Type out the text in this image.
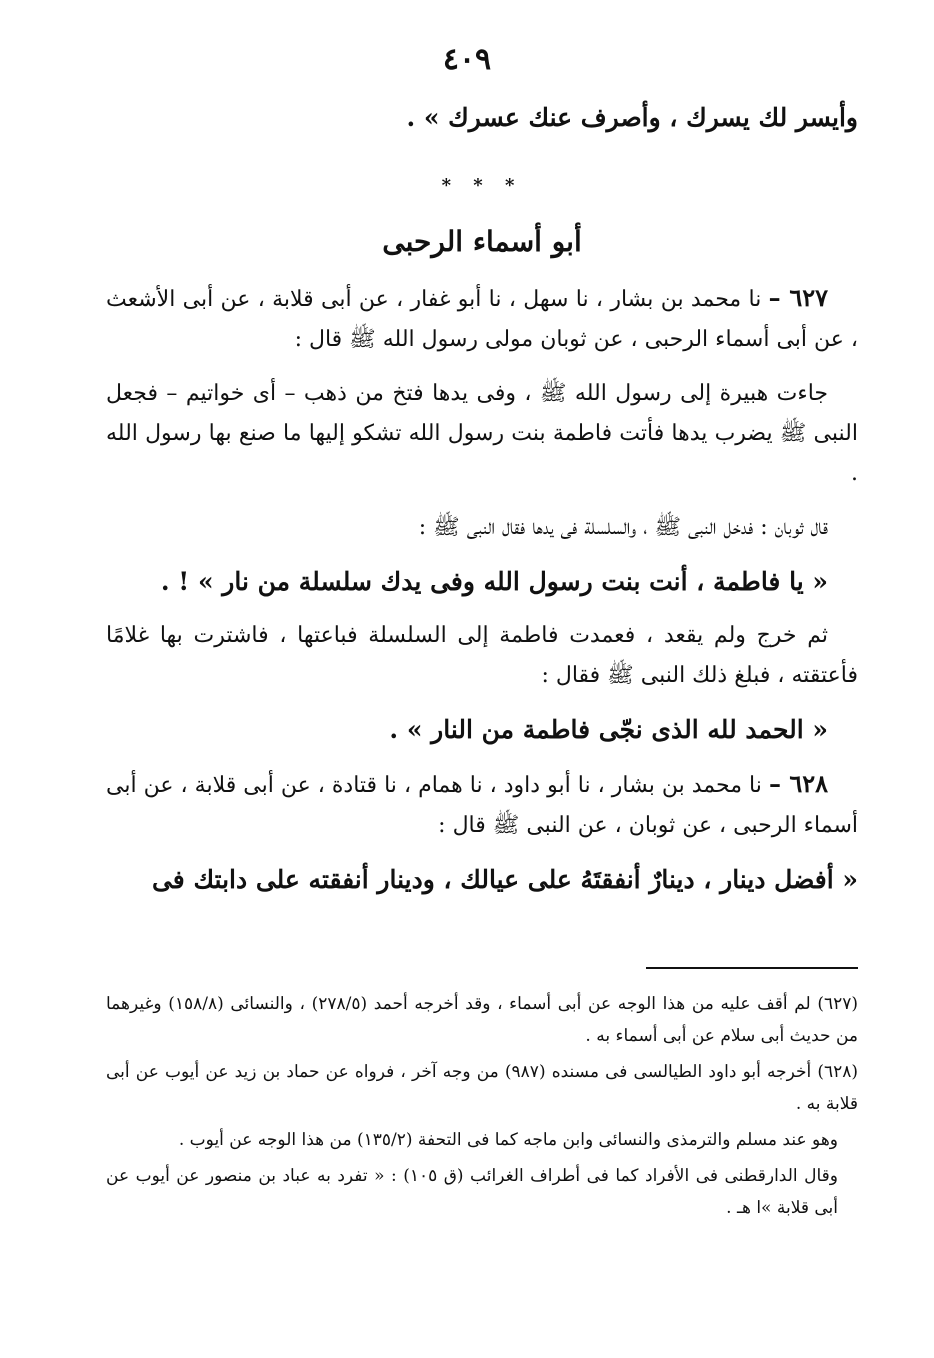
٤٠٩

وأيسر لك يسرك ، وأصرف عنك عسرك » .

* * *
أبو أسماء الرحبى

٦٢٧ – نا محمد بن بشار ، نا سهل ، نا أبو غفار ، عن أبى قلابة ، عن أبى الأشعث ، عن أبى أسماء الرحبى ، عن ثوبان مولى رسول الله ﷺ قال :

جاءت هبيرة إلى رسول الله ﷺ ، وفى يدها فتخ من ذهب – أى خواتيم – فجعل النبى ﷺ يضرب يدها فأتت فاطمة بنت رسول الله تشكو إليها ما صنع بها رسول الله .

قال ثوبان : فدخل النبى ﷺ ، والسلسلة فى يدها فقال النبى ﷺ :

« يا فاطمة ، أنت بنت رسول الله وفى يدك سلسلة من نار » ! .

ثم خرج ولم يقعد ، فعمدت فاطمة إلى السلسلة فباعتها ، فاشترت بها غلامًا فأعتقته ، فبلغ ذلك النبى ﷺ فقال :

« الحمد لله الذى نجّى فاطمة من النار » .

٦٢٨ – نا محمد بن بشار ، نا أبو داود ، نا همام ، نا قتادة ، عن أبى قلابة ، عن أبى أسماء الرحبى ، عن ثوبان ، عن النبى ﷺ قال :

« أفضل دينار ، دينارٌ أنفقتَهُ على عيالك ، ودينار أنفقته على دابتك فى

(٦٢٧) لم أقف عليه من هذا الوجه عن أبى أسماء ، وقد أخرجه أحمد (٢٧٨/٥) ، والنسائى (١٥٨/٨) وغيرهما من حديث أبى سلام عن أبى أسماء به .

(٦٢٨) أخرجه أبو داود الطيالسى فى مسنده (٩٨٧) من وجه آخر ، فرواه عن حماد بن زيد عن أيوب عن أبى قلابة به .

وهو عند مسلم والترمذى والنسائى وابن ماجه كما فى التحفة (١٣٥/٢) من هذا الوجه عن أيوب .

وقال الدارقطنى فى الأفراد كما فى أطراف الغرائب (ق ١٠٥) : « تفرد به عباد بن منصور عن أيوب عن أبى قلابة »ا هـ .
